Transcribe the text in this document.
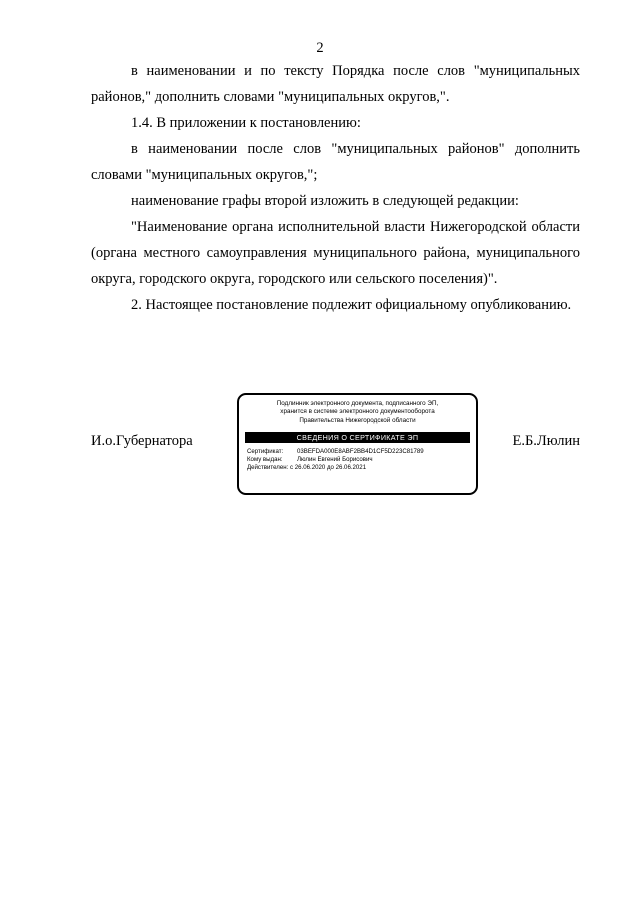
2

в наименовании и по тексту Порядка после слов "муниципальных районов," дополнить словами "муниципальных округов,".

1.4. В приложении к постановлению:

в наименовании после слов "муниципальных районов" дополнить словами "муниципальных округов,";

наименование графы второй изложить в следующей редакции:

"Наименование органа исполнительной власти Нижегородской области (органа местного самоуправления муниципального района, муниципального округа, городского округа, городского или сельского поселения)".

2. Настоящее постановление подлежит официальному опубликованию.

И.о.Губернатора
Подлинник электронного документа, подписанного ЭП,
хранится в системе электронного документооборота
Правительства Нижегородской области
СВЕДЕНИЯ О СЕРТИФИКАТЕ ЭП
Сертификат: 03BEFDA000E8ABF2BB4D1CF5D223C81789
Кому выдан: Люлин Евгений Борисович
Действителен: с 26.06.2020 до 26.06.2021
Е.Б.Люлин
